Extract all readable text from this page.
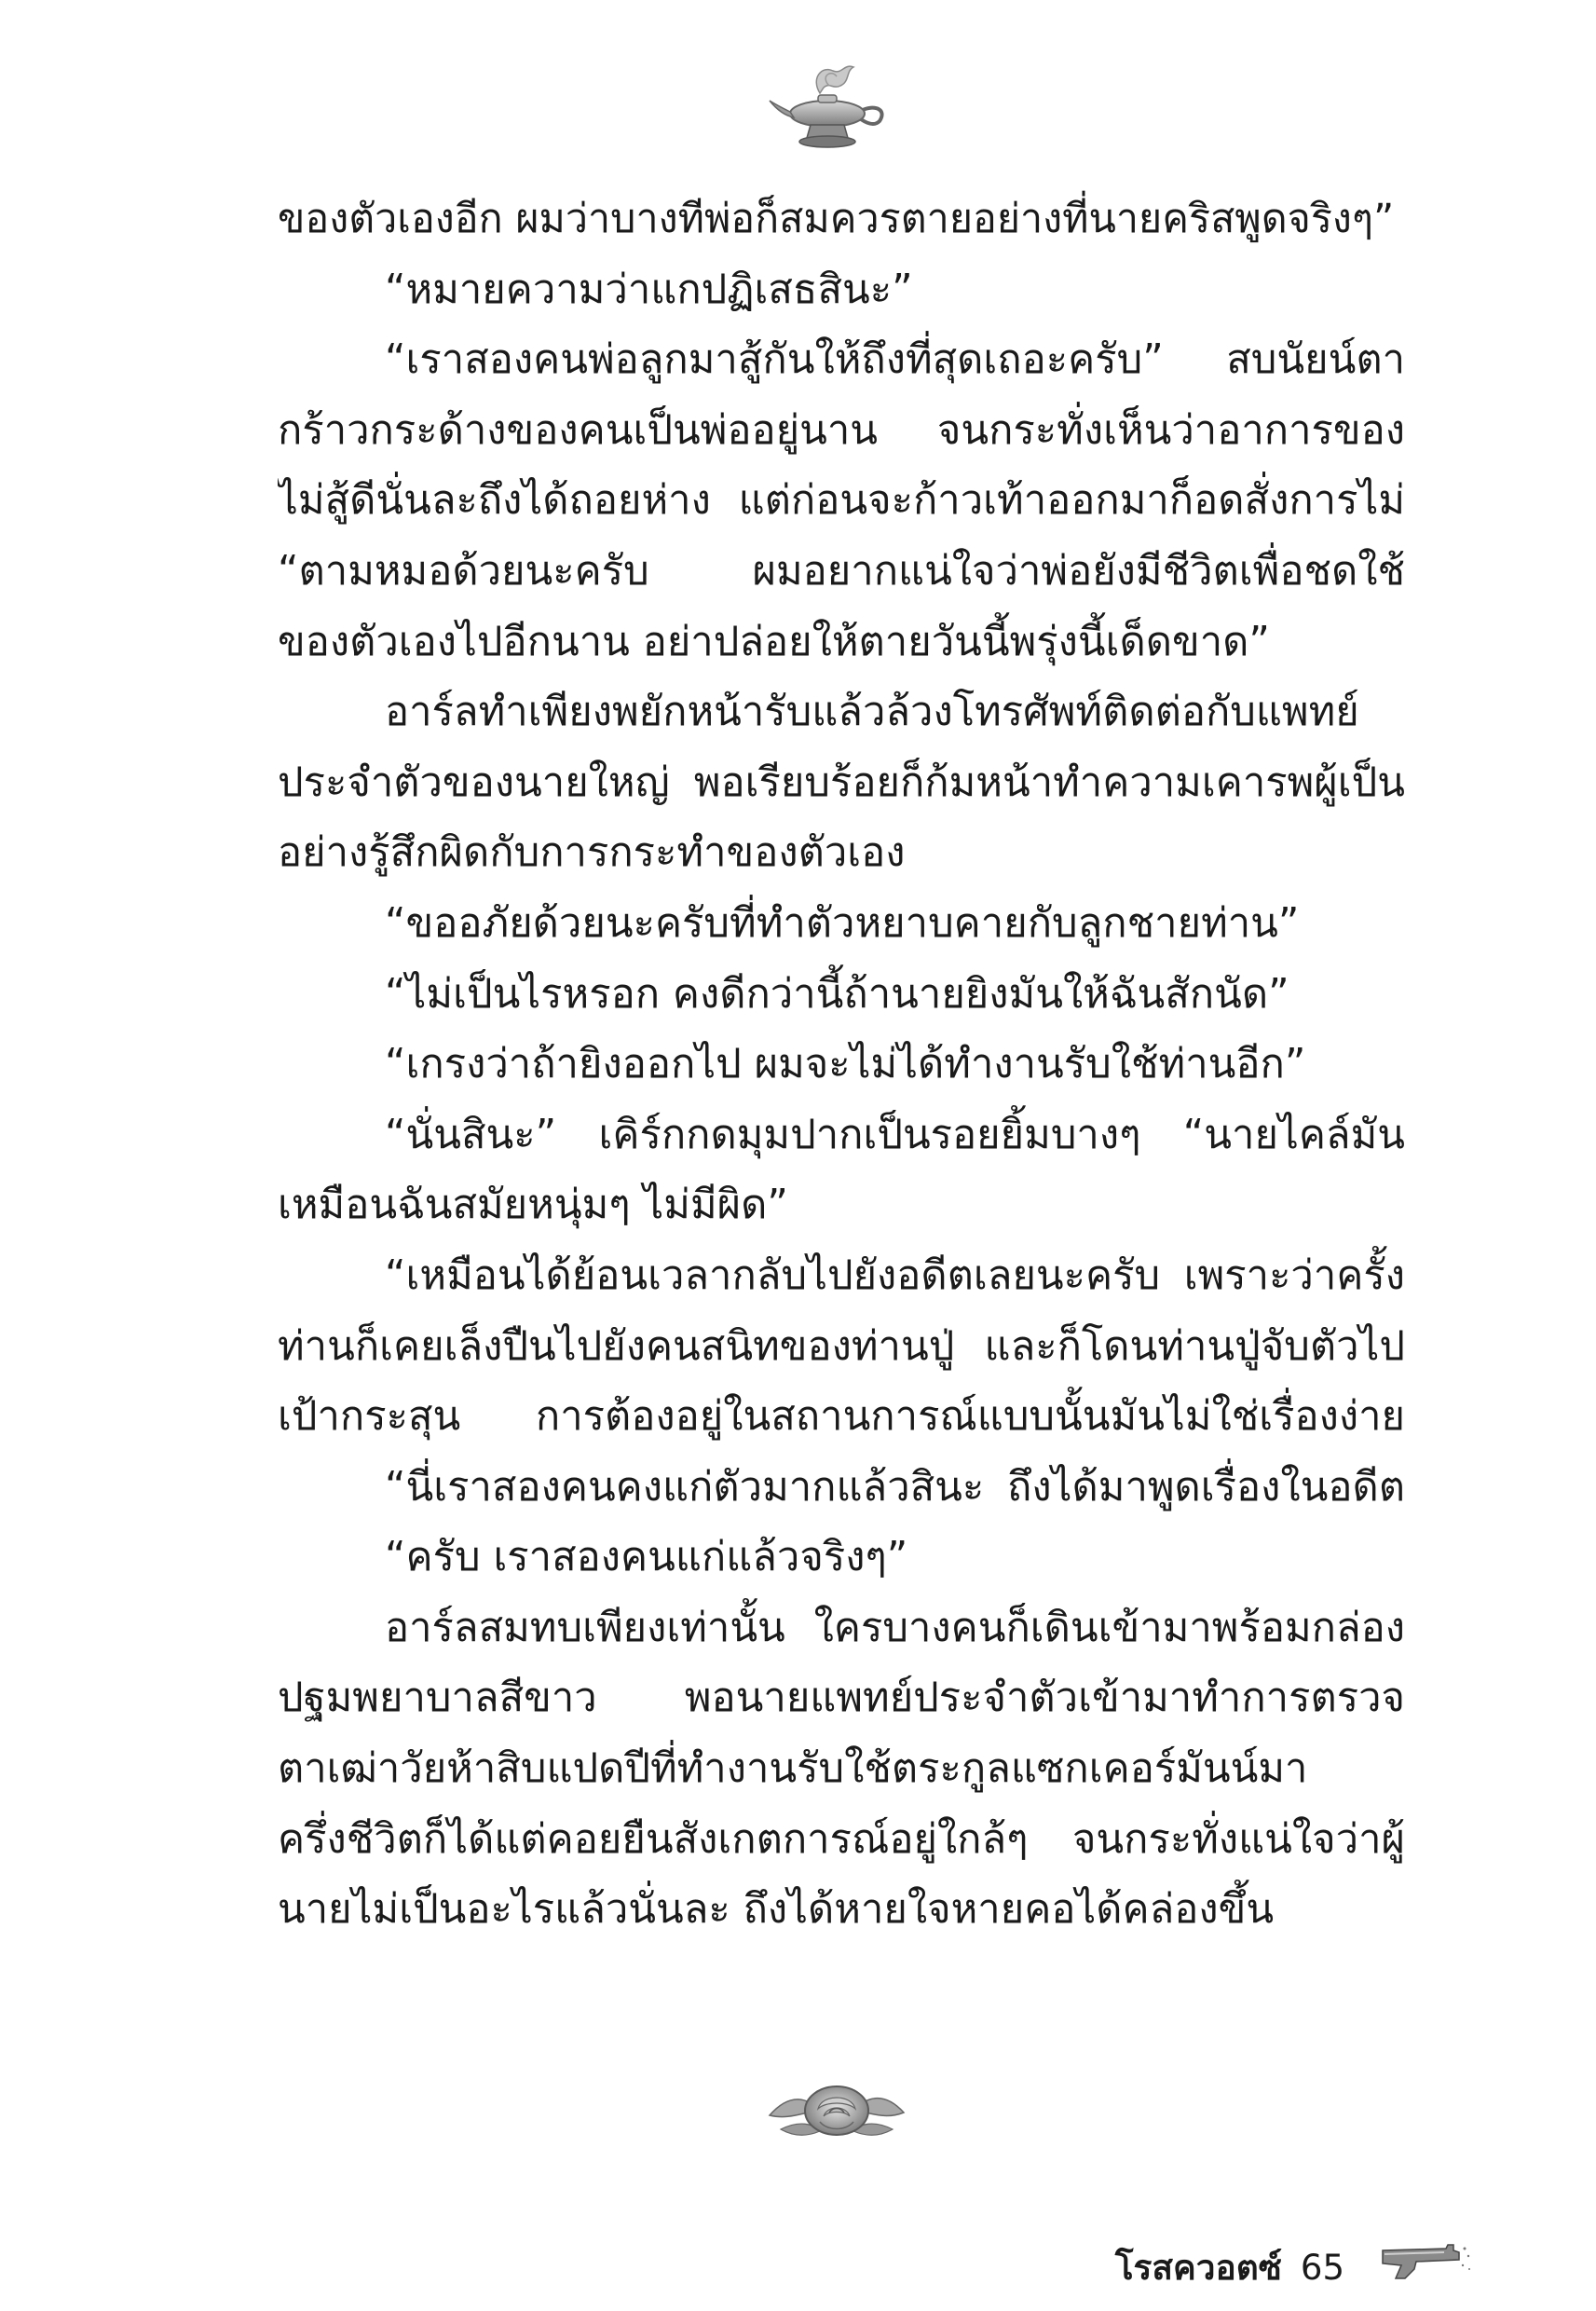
ของตัวเองอีก ผมว่าบางทีพ่อก็สมควรตายอย่างที่นายคริสพูดจริงๆ”
“หมายความว่าแกปฏิเสธสินะ”
“เราสองคนพ่อลูกมาสู้กันให้ถึงที่สุดเถอะครับ” สบนัยน์ตา
กร้าวกระด้างของคนเป็นพ่ออยู่นาน จนกระทั่งเห็นว่าอาการของ
ไม่สู้ดีนั่นละถึงได้ถอยห่าง แต่ก่อนจะก้าวเท้าออกมาก็อดสั่งการไม่
“ตามหมอด้วยนะครับ ผมอยากแน่ใจว่าพ่อยังมีชีวิตเพื่อชดใช้
ของตัวเองไปอีกนาน อย่าปล่อยให้ตายวันนี้พรุ่งนี้เด็ดขาด”
อาร์ลทำเพียงพยักหน้ารับแล้วล้วงโทรศัพท์ติดต่อกับแพทย์
ประจำตัวของนายใหญ่ พอเรียบร้อยก็ก้มหน้าทำความเคารพผู้เป็น
อย่างรู้สึกผิดกับการกระทำของตัวเอง
“ขออภัยด้วยนะครับที่ทำตัวหยาบคายกับลูกชายท่าน”
“ไม่เป็นไรหรอก คงดีกว่านี้ถ้านายยิงมันให้ฉันสักนัด”
“เกรงว่าถ้ายิงออกไป ผมจะไม่ได้ทำงานรับใช้ท่านอีก”
“นั่นสินะ” เคิร์กกดมุมปากเป็นรอยยิ้มบางๆ “นายไคล์มัน
เหมือนฉันสมัยหนุ่มๆ ไม่มีผิด”
“เหมือนได้ย้อนเวลากลับไปยังอดีตเลยนะครับ เพราะว่าครั้ง
ท่านก็เคยเล็งปืนไปยังคนสนิทของท่านปู่ และก็โดนท่านปู่จับตัวไป
เป้ากระสุน การต้องอยู่ในสถานการณ์แบบนั้นมันไม่ใช่เรื่องง่าย
“นี่เราสองคนคงแก่ตัวมากแล้วสินะ ถึงได้มาพูดเรื่องในอดีต
“ครับ เราสองคนแก่แล้วจริงๆ”
อาร์ลสมทบเพียงเท่านั้น ใครบางคนก็เดินเข้ามาพร้อมกล่อง
ปฐมพยาบาลสีขาว พอนายแพทย์ประจำตัวเข้ามาทำการตรวจ
ตาเฒ่าวัยห้าสิบแปดปีที่ทำงานรับใช้ตระกูลแซกเคอร์มันน์มา
ครึ่งชีวิตก็ได้แต่คอยยืนสังเกตการณ์อยู่ใกล้ๆ จนกระทั่งแน่ใจว่าผู้
นายไม่เป็นอะไรแล้วนั่นละ ถึงได้หายใจหายคอได้คล่องขึ้น
โรสควอตซ์ 65
